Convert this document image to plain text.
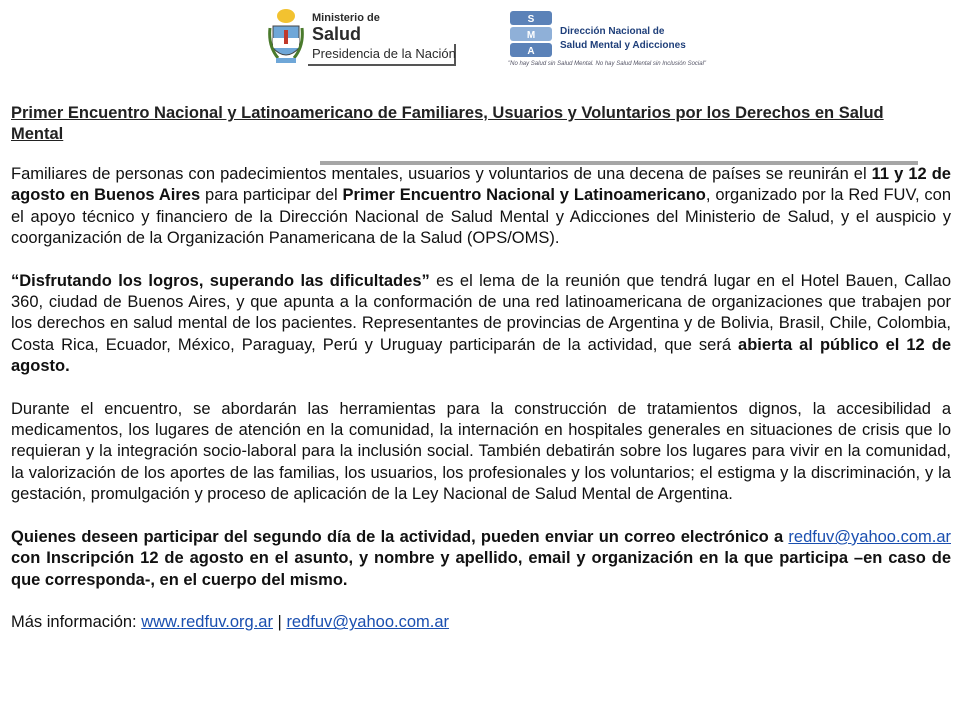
Ministerio de
Salud
Presidencia de la Nación
S
M
A
Dirección Nacional de
Salud Mental y Adicciones
"No hay Salud sin Salud Mental. No hay Salud Mental sin Inclusión Social"
Primer Encuentro Nacional y Latinoamericano de Familiares, Usuarios y Voluntarios por los Derechos en Salud Mental

Familiares de personas con padecimientos mentales, usuarios y voluntarios de una decena de países se reunirán el 11 y 12 de agosto en Buenos Aires para participar del Primer Encuentro Nacional y Latinoamericano, organizado por la Red FUV, con el apoyo técnico y financiero de la Dirección Nacional de Salud Mental y Adicciones del Ministerio de Salud, y el auspicio y coorganización de la Organización Panamericana de la Salud (OPS/OMS).

“Disfrutando los logros, superando las dificultades” es el lema de la reunión que tendrá lugar en el Hotel Bauen, Callao 360, ciudad de Buenos Aires, y que apunta a la conformación de una red latinoamericana de organizaciones que trabajen por los derechos en salud mental de los pacientes. Representantes de provincias de Argentina y de Bolivia, Brasil, Chile, Colombia, Costa Rica, Ecuador, México, Paraguay, Perú y Uruguay participarán de la actividad, que será abierta al público el 12 de agosto.

Durante el encuentro, se abordarán las herramientas para la construcción de tratamientos dignos, la accesibilidad a medicamentos, los lugares de atención en la comunidad, la internación en hospitales generales en situaciones de crisis que lo requieran y la integración socio-laboral para la inclusión social. También debatirán sobre los lugares para vivir en la comunidad, la valorización de los aportes de las familias, los usuarios, los profesionales y los voluntarios; el estigma y la discriminación, y la gestación, promulgación y proceso de aplicación de la Ley Nacional de Salud Mental de Argentina.

Quienes deseen participar del segundo día de la actividad, pueden enviar un correo electrónico a redfuv@yahoo.com.ar con Inscripción 12 de agosto en el asunto, y nombre y apellido, email y organización en la que participa –en caso de que corresponda-, en el cuerpo del mismo.

Más información: www.redfuv.org.ar | redfuv@yahoo.com.ar
